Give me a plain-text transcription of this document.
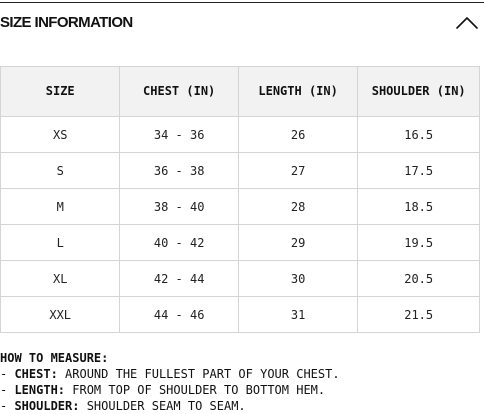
SIZE INFORMATION
SIZE	CHEST (IN)	LENGTH (IN)	SHOULDER (IN)
XS	34 - 36	26	16.5
S	36 - 38	27	17.5
M	38 - 40	28	18.5
L	40 - 42	29	19.5
XL	42 - 44	30	20.5
XXL	44 - 46	31	21.5
HOW TO MEASURE:
- CHEST: AROUND THE FULLEST PART OF YOUR CHEST.
- LENGTH: FROM TOP OF SHOULDER TO BOTTOM HEM.
- SHOULDER: SHOULDER SEAM TO SEAM.
